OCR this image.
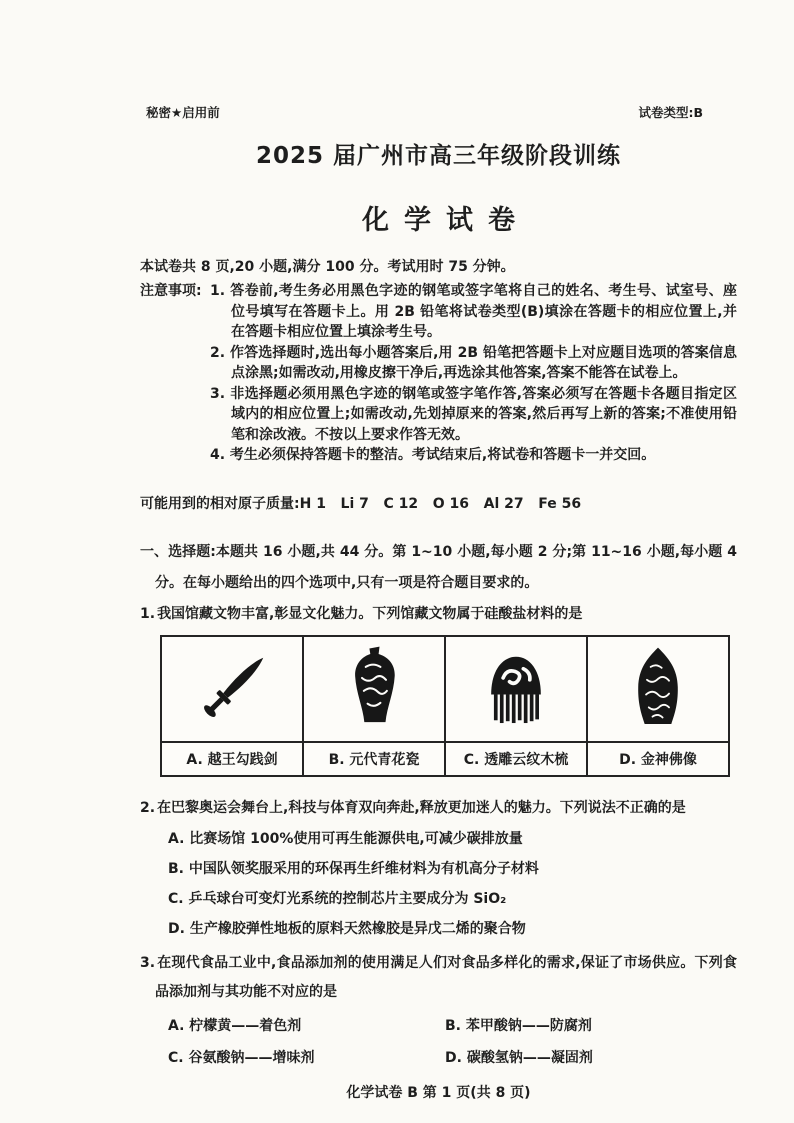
秘密★启用前	试卷类型:B
2025 届广州市高三年级阶段训练
化学试卷
本试卷共 8 页,20 小题,满分 100 分。考试用时 75 分钟。
注意事项: 1. 答卷前,考生务必用黑色字迹的钢笔或签字笔将自己的姓名、考生号、试室号、座位号填写在答题卡上。用 2B 铅笔将试卷类型(B)填涂在答题卡的相应位置上,并在答题卡相应位置上填涂考生号。
2. 作答选择题时,选出每小题答案后,用 2B 铅笔把答题卡上对应题目选项的答案信息点涂黑;如需改动,用橡皮擦干净后,再选涂其他答案,答案不能答在试卷上。
3. 非选择题必须用黑色字迹的钢笔或签字笔作答,答案必须写在答题卡各题目指定区域内的相应位置上;如需改动,先划掉原来的答案,然后再写上新的答案;不准使用铅笔和涂改液。不按以上要求作答无效。
4. 考生必须保持答题卡的整洁。考试结束后,将试卷和答题卡一并交回。
可能用到的相对原子质量:H 1   Li 7   C 12   O 16   Al 27   Fe 56
一、选择题:本题共 16 小题,共 44 分。第 1~10 小题,每小题 2 分;第 11~16 小题,每小题 4 分。在每小题给出的四个选项中,只有一项是符合题目要求的。
1. 我国馆藏文物丰富,彰显文化魅力。下列馆藏文物属于硅酸盐材料的是

A. 越王勾践剑	B. 元代青花瓷	C. 透雕云纹木梳	D. 金神佛像
2. 在巴黎奥运会舞台上,科技与体育双向奔赴,释放更加迷人的魅力。下列说法不正确的是
A. 比赛场馆 100%使用可再生能源供电,可减少碳排放量
B. 中国队领奖服采用的环保再生纤维材料为有机高分子材料
C. 乒乓球台可变灯光系统的控制芯片主要成分为 SiO₂
D. 生产橡胶弹性地板的原料天然橡胶是异戊二烯的聚合物
3. 在现代食品工业中,食品添加剂的使用满足人们对食品多样化的需求,保证了市场供应。下列食品添加剂与其功能不对应的是
A. 柠檬黄——着色剂	B. 苯甲酸钠——防腐剂
C. 谷氨酸钠——增味剂	D. 碳酸氢钠——凝固剂
化学试卷 B 第 1 页(共 8 页)
